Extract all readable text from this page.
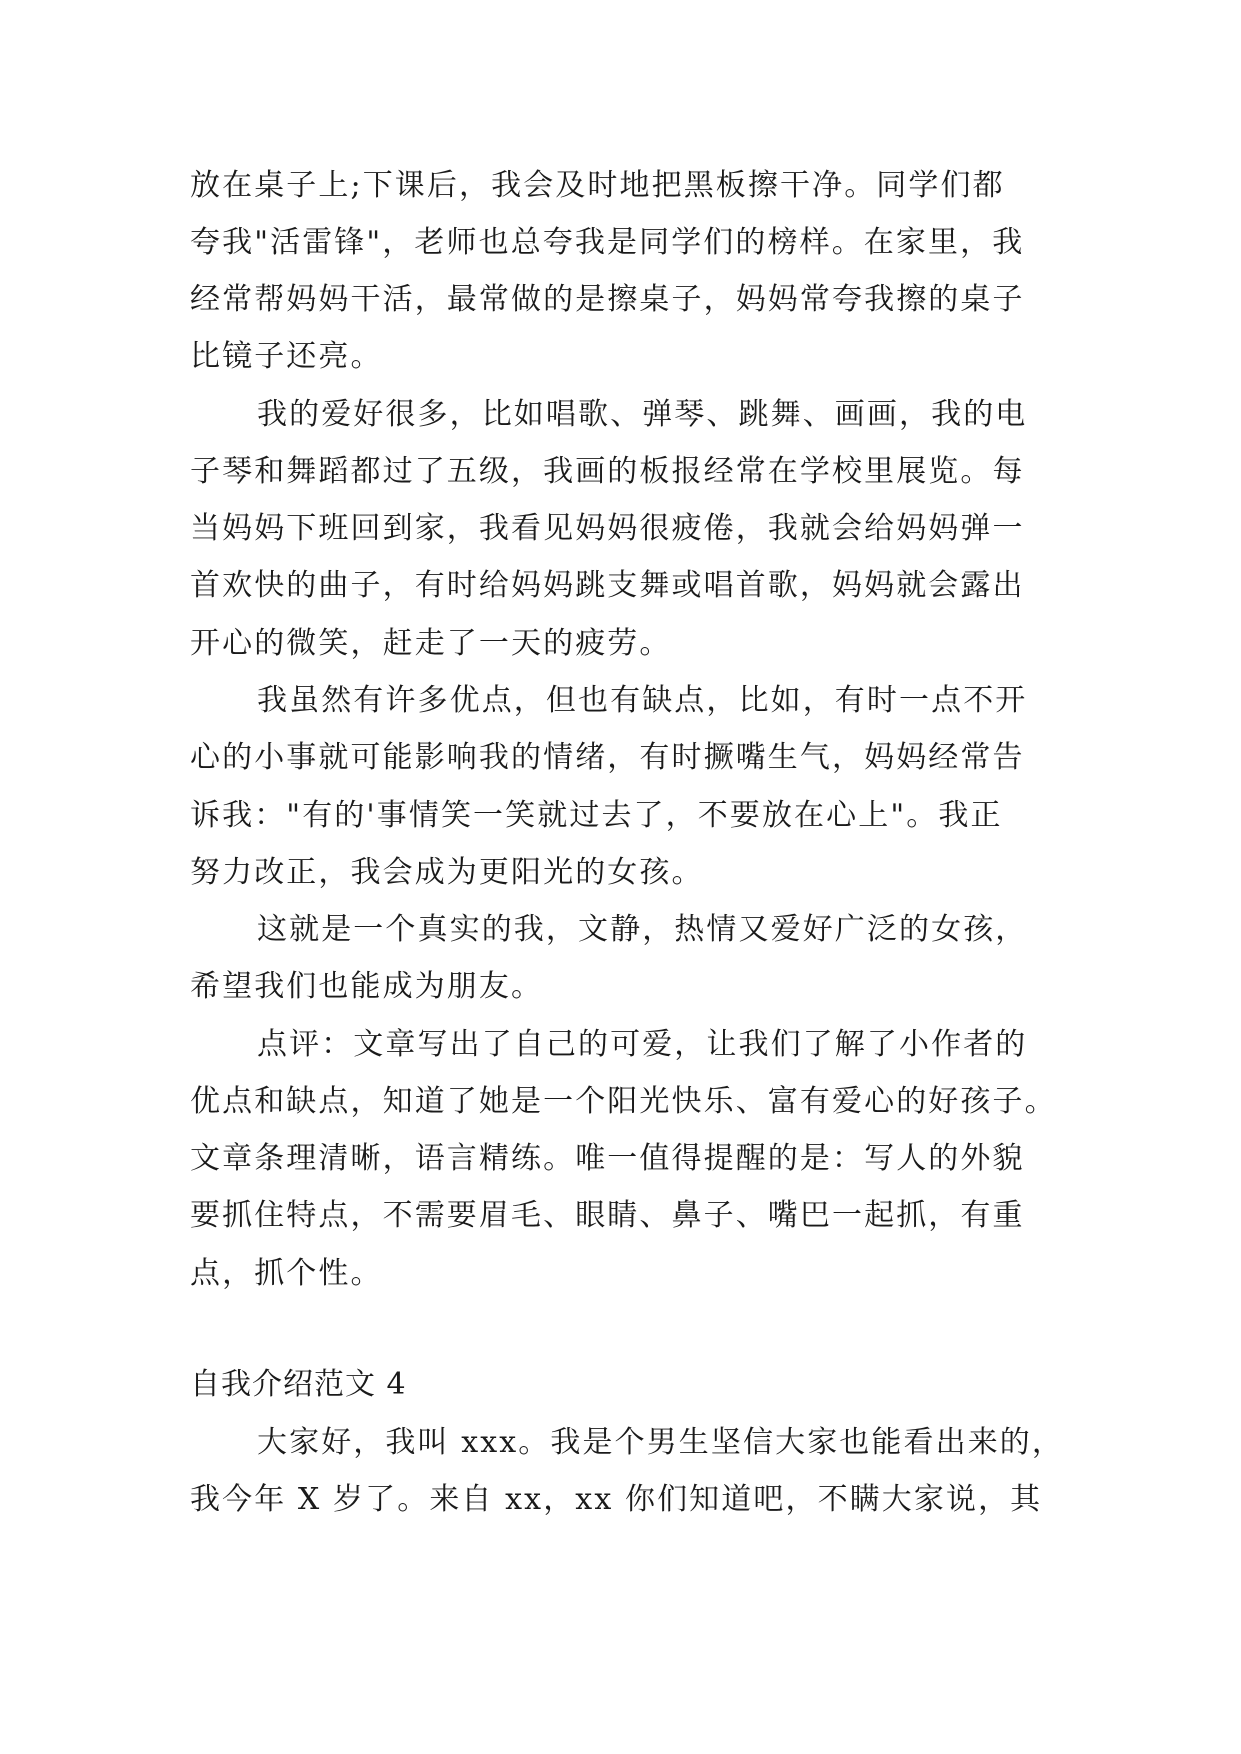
放在桌子上;下课后，我会及时地把黑板擦干净。同学们都
夸我"活雷锋"，老师也总夸我是同学们的榜样。在家里，我
经常帮妈妈干活，最常做的是擦桌子，妈妈常夸我擦的桌子
比镜子还亮。
我的爱好很多，比如唱歌、弹琴、跳舞、画画，我的电
子琴和舞蹈都过了五级，我画的板报经常在学校里展览。每
当妈妈下班回到家，我看见妈妈很疲倦，我就会给妈妈弹一
首欢快的曲子，有时给妈妈跳支舞或唱首歌，妈妈就会露出
开心的微笑，赶走了一天的疲劳。
我虽然有许多优点，但也有缺点，比如，有时一点不开
心的小事就可能影响我的情绪，有时撅嘴生气，妈妈经常告
诉我："有的'事情笑一笑就过去了，不要放在心上"。我正
努力改正，我会成为更阳光的女孩。
这就是一个真实的我，文静，热情又爱好广泛的女孩，
希望我们也能成为朋友。
点评：文章写出了自己的可爱，让我们了解了小作者的
优点和缺点，知道了她是一个阳光快乐、富有爱心的好孩子。
文章条理清晰，语言精练。唯一值得提醒的是：写人的外貌
要抓住特点，不需要眉毛、眼睛、鼻子、嘴巴一起抓，有重
点，抓个性。
自我介绍范文 4
大家好，我叫 xxx。我是个男生坚信大家也能看出来的，
我今年 X 岁了。来自 xx，xx 你们知道吧，不瞒大家说，其
